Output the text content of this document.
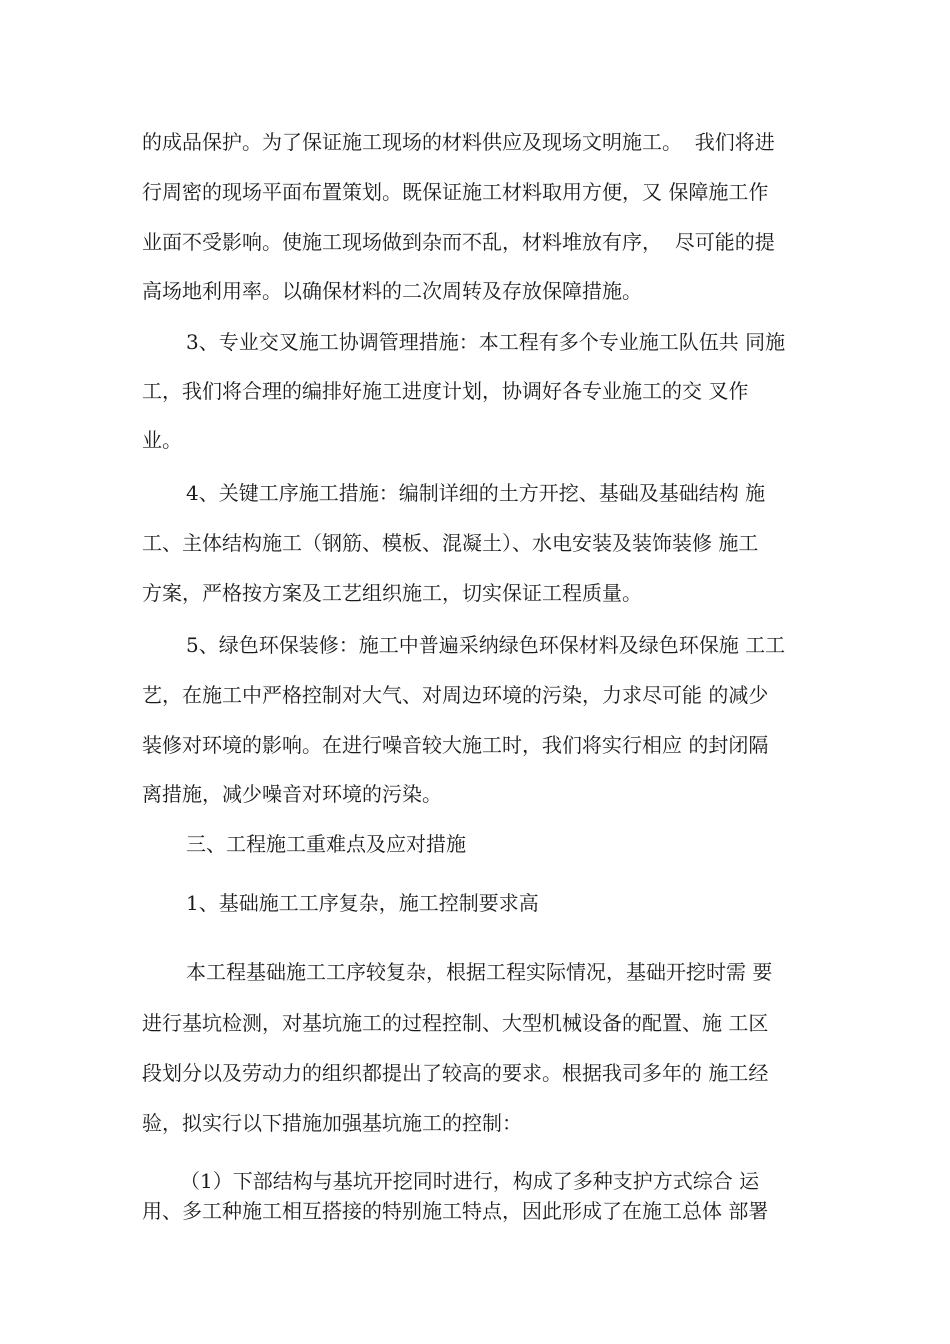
的成品保护。为了保证施工现场的材料供应及现场文明施工。  我们将进
行周密的现场平面布置策划。既保证施工材料取用方便，又 保障施工作
业面不受影响。使施工现场做到杂而不乱，材料堆放有序，  尽可能的提
高场地利用率。以确保材料的二次周转及存放保障措施。
3、专业交叉施工协调管理措施：本工程有多个专业施工队伍共 同施
工，我们将合理的编排好施工进度计划，协调好各专业施工的交 叉作
业。
4、关键工序施工措施：编制详细的土方开挖、基础及基础结构 施
工、主体结构施工（钢筋、模板、混凝土）、水电安装及装饰装修 施工
方案，严格按方案及工艺组织施工，切实保证工程质量。
5、绿色环保装修：施工中普遍采纳绿色环保材料及绿色环保施 工工
艺，在施工中严格控制对大气、对周边环境的污染，力求尽可能 的减少
装修对环境的影响。在进行噪音较大施工时，我们将实行相应 的封闭隔
离措施，减少噪音对环境的污染。
三、工程施工重难点及应对措施
1、基础施工工序复杂，施工控制要求高
本工程基础施工工序较复杂，根据工程实际情况，基础开挖时需 要
进行基坑检测，对基坑施工的过程控制、大型机械设备的配置、施 工区
段划分以及劳动力的组织都提出了较高的要求。根据我司多年的 施工经
验，拟实行以下措施加强基坑施工的控制：
（1）下部结构与基坑开挖同时进行，构成了多种支护方式综合 运
用、多工种施工相互搭接的特别施工特点，因此形成了在施工总体 部署
